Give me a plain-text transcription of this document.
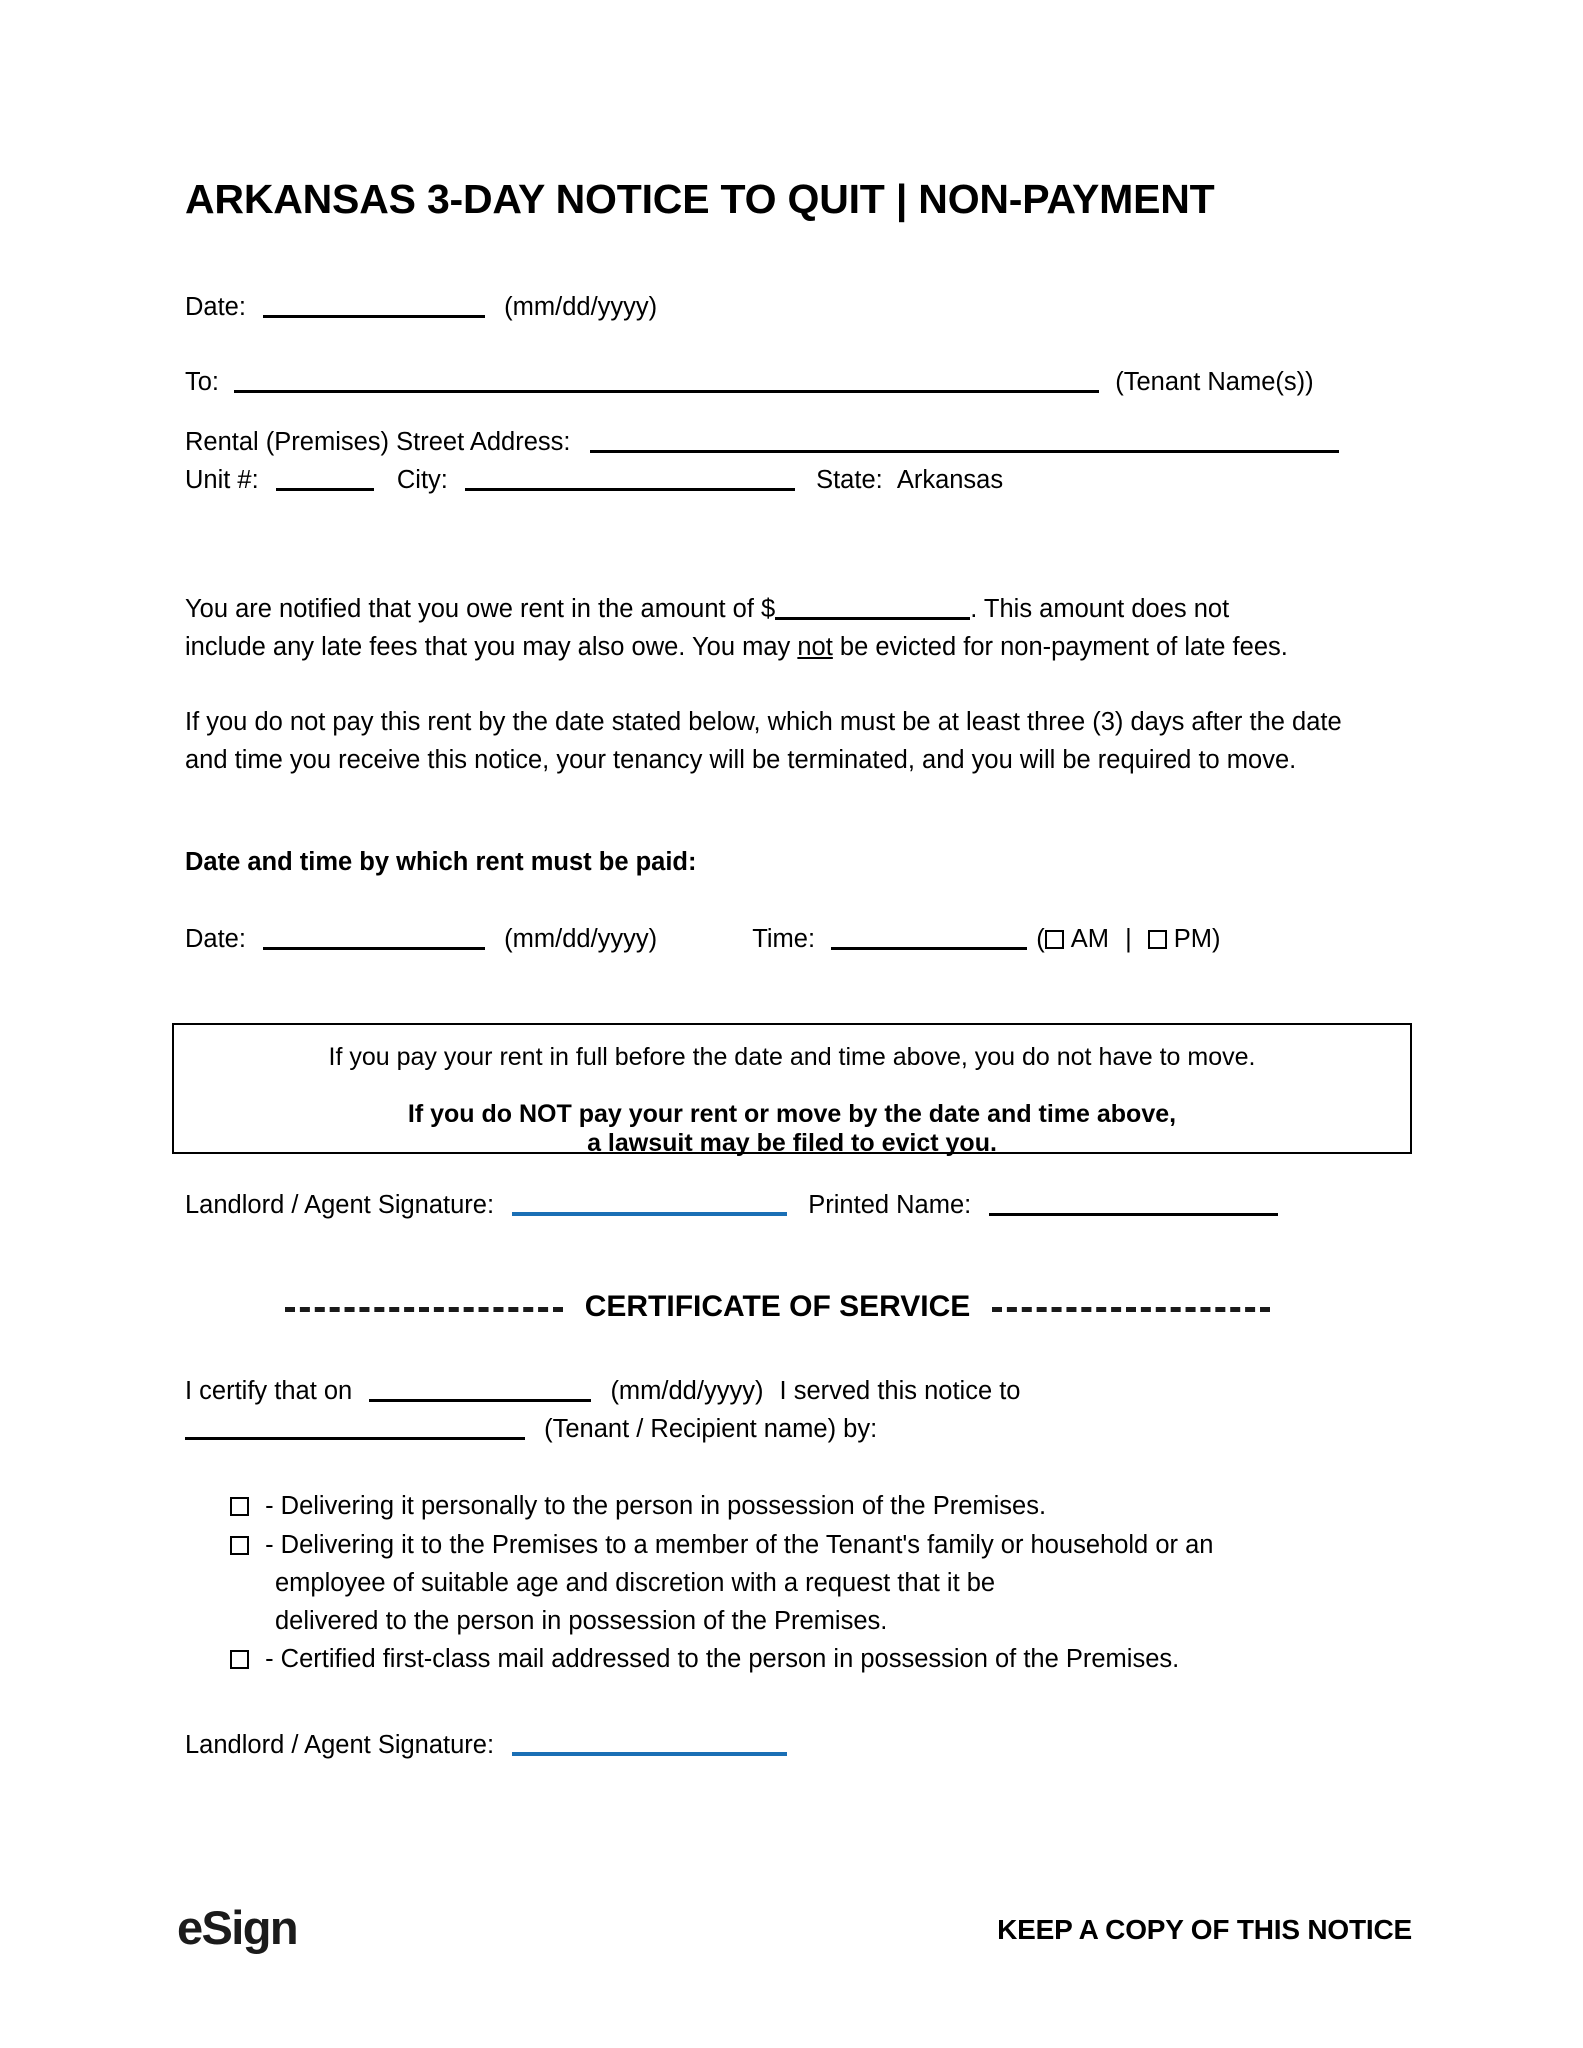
ARKANSAS 3-DAY NOTICE TO QUIT | NON-PAYMENT
Date:	(mm/dd/yyyy)
To:	(Tenant Name(s))
Rental (Premises) Street Address:
Unit #:	City:	State: Arkansas
You are notified that you owe rent in the amount of $	. This amount does not
include any late fees that you may also owe. You may not be evicted for non-payment of late fees.
If you do not pay this rent by the date stated below, which must be at least three (3) days after the date and time you receive this notice, your tenancy will be terminated, and you will be required to move.
Date and time by which rent must be paid:
Date:	(mm/dd/yyyy)	Time:	( AM | PM)
If you pay your rent in full before the date and time above, you do not have to move.
If you do NOT pay your rent or move by the date and time above,
a lawsuit may be filed to evict you.
Landlord / Agent Signature:	Printed Name:
CERTIFICATE OF SERVICE
I certify that on	(mm/dd/yyyy) I served this notice to
(Tenant / Recipient name) by:
- Delivering it personally to the person in possession of the Premises.
- Delivering it to the Premises to a member of the Tenant's family or household or an
employee of suitable age and discretion with a request that it be delivered to the person in possession of the Premises.
- Certified first-class mail addressed to the person in possession of the Premises.
Landlord / Agent Signature:
eSign	KEEP A COPY OF THIS NOTICE
